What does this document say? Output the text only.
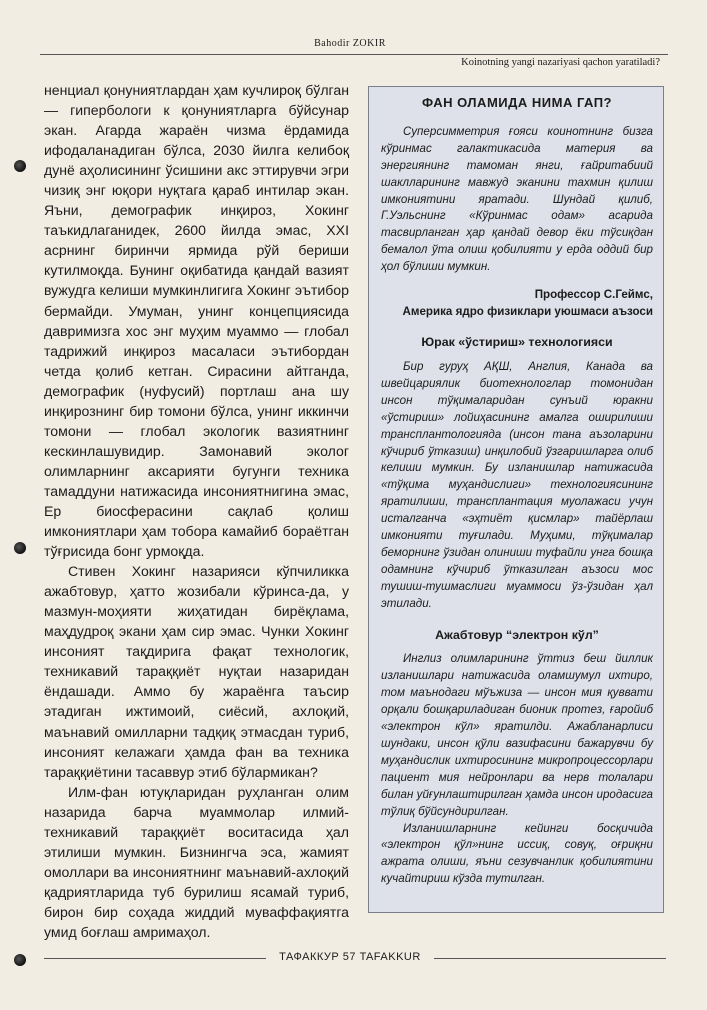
Bahodir ZOKIR
Koinotning yangi nazariyasi qachon yaratiladi?

ненциал қонуниятлардан ҳам кучлироқ бўлган — гипербологи к қонуниятларга бўйсунар экан. Агарда жараён чизма ёрдамида ифодаланадиган бўлса, 2030 йилга келибоқ дунё аҳолисининг ўсишини акс эттирувчи эгри чизиқ энг юқори нуқтага қараб интилар экан. Яъни, демографик инқироз, Хокинг таъкидлаганидек, 2600 йилда эмас, XXI асрнинг биринчи ярмида рўй бериши кутилмоқда. Бунинг оқибатида қандай вазият вужудга келиши мумкинлигига Хокинг эътибор бермайди. Умуман, унинг концепциясида давримизга хос энг муҳим муаммо — глобал тадрижий инқироз масаласи эътибордан четда қолиб кетган. Сирасини айтганда, демографик (нуфусий) портлаш ана шу инқирознинг бир томони бўлса, унинг иккинчи томони — глобал экологик вазиятнинг кескинлашувидир. Замонавий эколог олимларнинг аксарияти бугунги техника тамаддуни натижасида инсониятнигина эмас, Ер биосферасини сақлаб қолиш имкониятлари ҳам тобора камайиб бораётган тўғрисида бонг урмоқда.

Стивен Хокинг назарияси кўпчиликка ажабтовур, ҳатто жозибали кўринса-да, у мазмун-моҳияти жиҳатидан бирёқлама, маҳдудроқ экани ҳам сир эмас. Чунки Хокинг инсоният тақдирига фақат технологик, техникавий тараққиёт нуқтаи назаридан ёндашади. Аммо бу жараёнга таъсир этадиган ижтимоий, сиёсий, ахлоқий, маънавий омилларни тадқиқ этмасдан туриб, инсоният келажаги ҳамда фан ва техника тараққиётини тасаввур этиб бўлармикан?

Илм-фан ютуқларидан руҳланган олим назарида барча муаммолар илмий-техникавий тараққиёт воситасида ҳал этилиши мумкин. Бизнингча эса, жамият омоллари ва инсониятнинг маънавий-ахлоқий қадриятларида туб бурилиш ясамай туриб, бирон бир соҳада жиддий муваффақиятга умид боғлаш амримаҳол.

ФАН ОЛАМИДА НИМА ГАП?

Суперсимметрия ғояси коинотнинг бизга кўринмас галактикасида материя ва энергиянинг тамоман янги, ғайритабиий шаклларининг мавжуд эканини тахмин қилиш имкониятини яратади. Шундай қилиб, Г.Уэльснинг «Кўринмас одам» асарида тасвирланган ҳар қандай девор ёки тўсиқдан бемалол ўта олиш қобилияти у ерда оддий бир ҳол бўлиши мумкин.

Профессор С.Геймс,
Америка ядро физиклари уюшмаси аъзоси
Юрак «ўстириш» технологияси

Бир гуруҳ АҚШ, Англия, Канада ва швейцариялик биотехнологлар томонидан инсон тўқималаридан сунъий юракни «ўстириш» лойиҳасининг амалга оширилиши трансплантологияда (инсон тана аъзоларини кўчириб ўтказиш) инқилобий ўзгаришларга олиб келиши мумкин. Бу изланишлар натижасида «тўқима муҳандислиги» технологиясининг яратилиши, трансплантация муолажаси учун исталганча «эҳтиёт қисмлар» тайёрлаш имконияти туғилади. Муҳими, тўқималар беморнинг ўзидан олиниши туфайли унга бошқа одамнинг кўчириб ўтказилган аъзоси мос тушиш-тушмаслиги муаммоси ўз-ўзидан ҳал этилади.

Ажабтовур “электрон кўл”

Инглиз олимларининг ўттиз беш йиллик изланишлари натижасида оламшумул ихтиро, том маънодаги мўъжиза — инсон мия қуввати орқали бошқариладиган бионик протез, ғаройиб «электрон кўл» яратилди. Ажабланарлиси шундаки, инсон қўли вазифасини бажарувчи бу муҳандислик ихтиросининг микропроцессорлари пациент мия нейронлари ва нерв толалари билан уйғунлаштирилган ҳамда инсон иродасига тўлиқ бўйсундирилган.

Изланишларнинг кейинги босқичида «электрон қўл»нинг иссиқ, совуқ, оғриқни ажрата олиши, яъни сезувчанлик қобилиятини кучайтириш кўзда тутилган.

ТАФАККУР 57 TAFAKKUR
